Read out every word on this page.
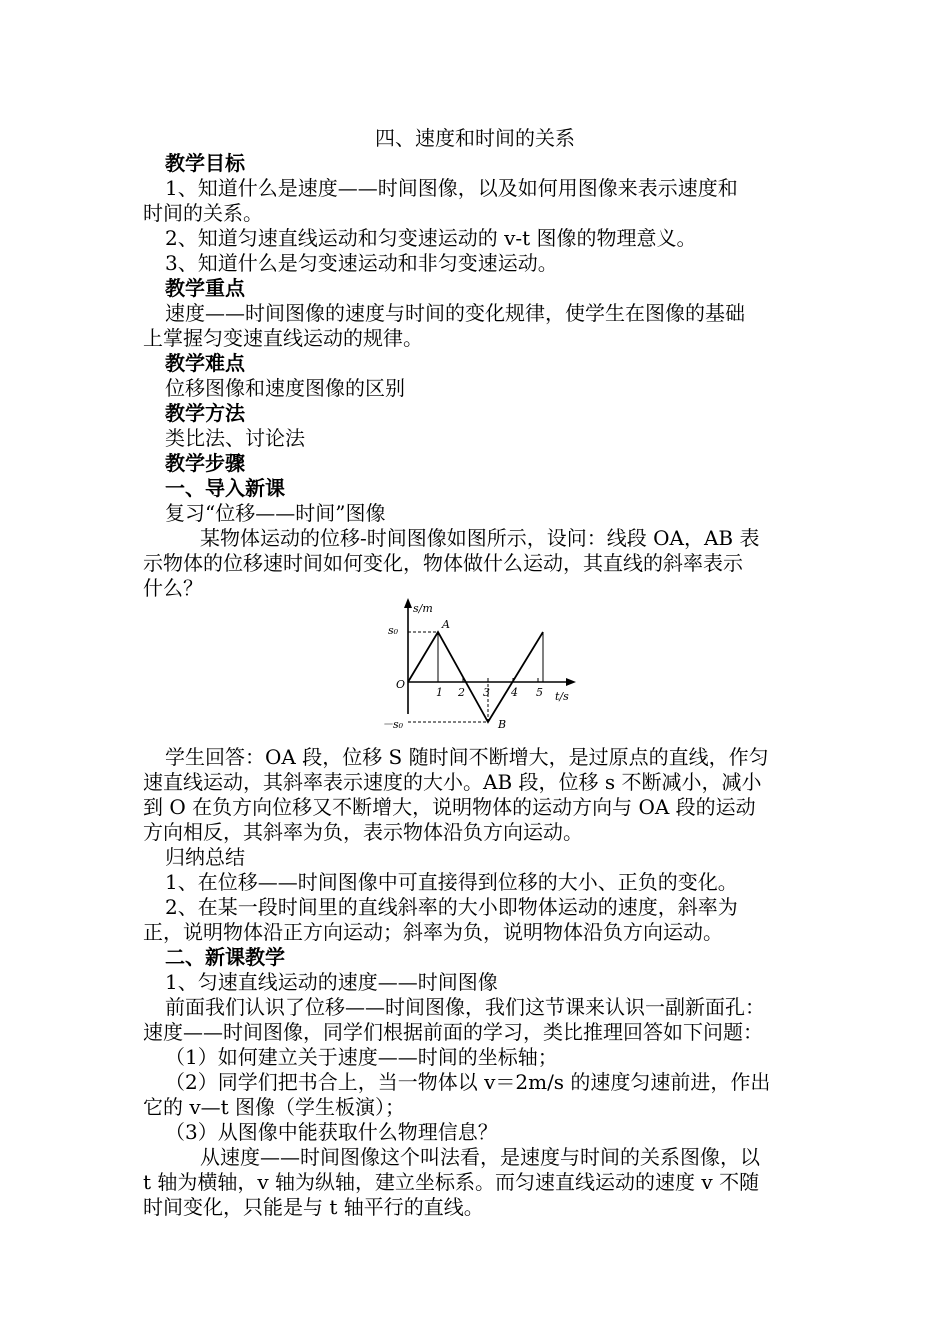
四、速度和时间的关系
教学目标
1、知道什么是速度——时间图像，以及如何用图像来表示速度和
时间的关系。
2、知道匀速直线运动和匀变速运动的 v-t 图像的物理意义。
3、知道什么是匀变速运动和非匀变速运动。
教学重点
速度——时间图像的速度与时间的变化规律，使学生在图像的基础
上掌握匀变速直线运动的规律。
教学难点
位移图像和速度图像的区别
教学方法
类比法、讨论法
教学步骤
一、导入新课
复习“位移——时间”图像
某物体运动的位移-时间图像如图所示，设问：线段 OA，AB 表
示物体的位移速时间如何变化，物体做什么运动，其直线的斜率表示
什么？
s/m
t/s
s₀
－s₀
O
A
B
1 2 3 4 5
学生回答：OA 段，位移 S 随时间不断增大，是过原点的直线，作匀
速直线运动，其斜率表示速度的大小。AB 段，位移 s 不断减小，减小
到 O 在负方向位移又不断增大，说明物体的运动方向与 OA 段的运动
方向相反，其斜率为负，表示物体沿负方向运动。
归纳总结
1、在位移——时间图像中可直接得到位移的大小、正负的变化。
2、在某一段时间里的直线斜率的大小即物体运动的速度，斜率为
正，说明物体沿正方向运动；斜率为负，说明物体沿负方向运动。
二、新课教学
1、匀速直线运动的速度——时间图像
前面我们认识了位移——时间图像，我们这节课来认识一副新面孔：
速度——时间图像，同学们根据前面的学习，类比推理回答如下问题：
（1）如何建立关于速度——时间的坐标轴；
（2）同学们把书合上，当一物体以 v＝2m/s 的速度匀速前进，作出
它的 v—t 图像（学生板演）；
（3）从图像中能获取什么物理信息？
从速度——时间图像这个叫法看，是速度与时间的关系图像，以
t 轴为横轴，v 轴为纵轴，建立坐标系。而匀速直线运动的速度 v 不随
时间变化，只能是与 t 轴平行的直线。
